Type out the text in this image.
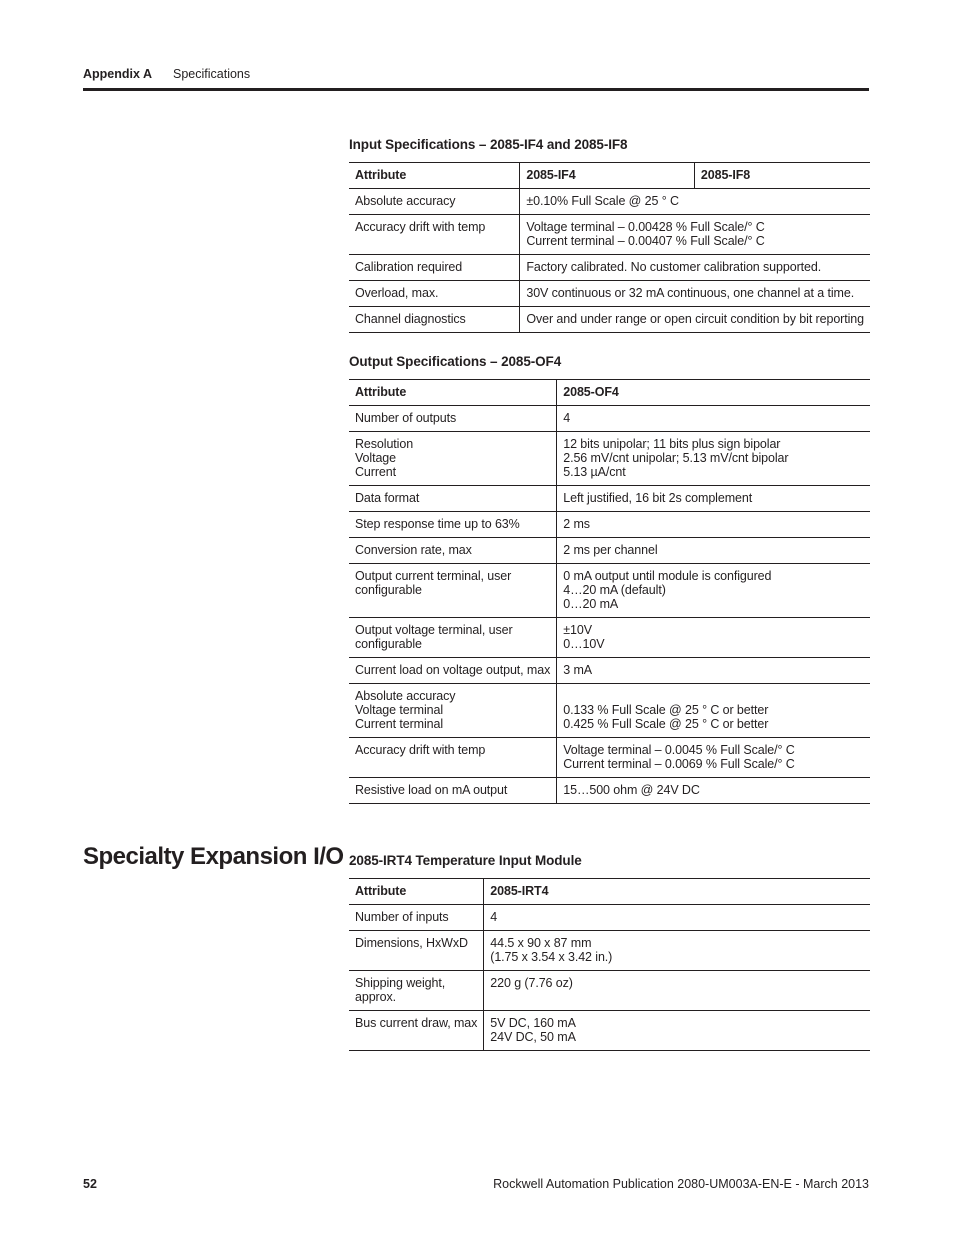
Appendix A Specifications
Input Specifications – 2085-IF4 and 2085-IF8
Attribute	2085-IF4	2085-IF8

Absolute accuracy	±0.10% Full Scale @ 25 ° C	

Accuracy drift with temp	Voltage terminal – 0.00428 % Full Scale/° C
Current terminal – 0.00407 % Full Scale/° C	

Calibration required	Factory calibrated. No customer calibration supported.	

Overload, max.	30V continuous or 32 mA continuous, one channel at a time.	

Channel diagnostics	Over and under range or open circuit condition by bit reporting	
Output Specifications – 2085-OF4
Attribute	2085-OF4

Number of outputs	4

Resolution
Voltage
Current	12 bits unipolar; 11 bits plus sign bipolar
2.56 mV/cnt unipolar; 5.13 mV/cnt bipolar
5.13 µA/cnt

Data format	Left justified, 16 bit 2s complement

Step response time up to 63%	2 ms

Conversion rate, max	2 ms per channel

Output current terminal, user
configurable	0 mA output until module is configured
4…20 mA (default)
0…20 mA

Output voltage terminal, user
configurable	±10V
0…10V

Current load on voltage output, max	3 mA

Absolute accuracy
Voltage terminal
Current terminal	0.133 % Full Scale @ 25 ° C or better
0.425 % Full Scale @ 25 ° C or better

Accuracy drift with temp	Voltage terminal – 0.0045 % Full Scale/° C
Current terminal – 0.0069 % Full Scale/° C

Resistive load on mA output	15…500 ohm @ 24V DC
Specialty Expansion I/O 2085-IRT4 Temperature Input Module
Attribute	2085-IRT4

Number of inputs	4

Dimensions, HxWxD	44.5 x 90 x 87 mm
(1.75 x 3.54 x 3.42 in.)

Shipping weight,
approx.	220 g (7.76 oz)

Bus current draw, max	5V DC, 160 mA
24V DC, 50 mA
52	Rockwell Automation Publication 2080-UM003A-EN-E - March 2013
